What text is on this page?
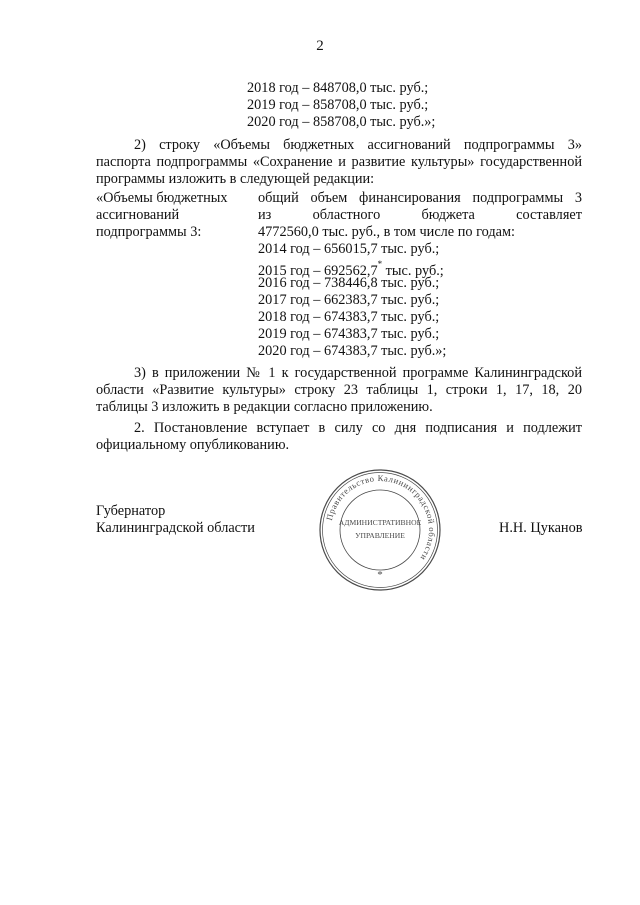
2
2018 год – 848708,0 тыс. руб.;
2019 год – 858708,0 тыс. руб.;
2020 год – 858708,0 тыс. руб.»;
2) строку «Объемы бюджетных ассигнований подпрограммы 3»
паспорта подпрограммы «Сохранение и развитие культуры» государственной
программы изложить в следующей редакции:
«Объемы бюджетных
ассигнований
подпрограммы 3:
общий объем финансирования подпрограммы 3
из областного бюджета составляет
4772560,0 тыс. руб., в том числе по годам:
2014 год – 656015,7 тыс. руб.;
2015 год – 692562,7* тыс. руб.;
2016 год – 738446,8 тыс. руб.;
2017 год – 662383,7 тыс. руб.;
2018 год – 674383,7 тыс. руб.;
2019 год – 674383,7 тыс. руб.;
2020 год – 674383,7 тыс. руб.»;
3) в приложении № 1 к государственной программе Калининградской
области «Развитие культуры» строку 23 таблицы 1, строки 1, 17, 18, 20
таблицы 3 изложить в редакции согласно приложению.
2. Постановление вступает в силу со дня подписания и подлежит
официальному опубликованию.
Губернатор
Калининградской области	Н.Н. Цуканов
Правительство Калининградской области
АДМИНИСТРАТИВНОЕ
УПРАВЛЕНИЕ
*
